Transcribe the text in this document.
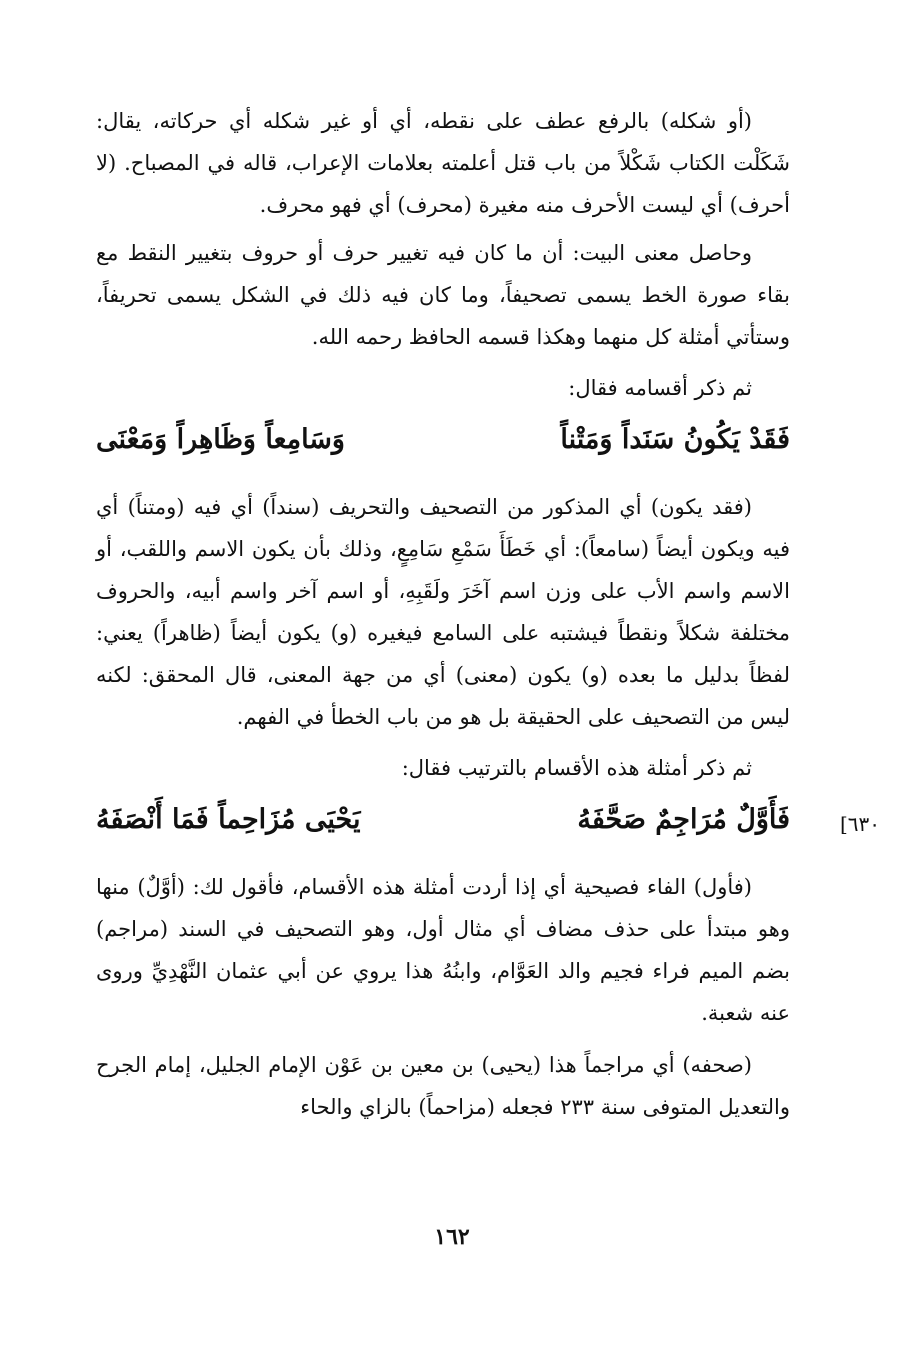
(أو شكله) بالرفع عطف على نقطه، أي أو غير شكله أي حركاته، يقال: شَكَلْت الكتاب شَكْلاً من باب قتل أعلمته بعلامات الإعراب، قاله في المصباح. (لا أحرف) أي ليست الأحرف منه مغيرة (محرف) أي فهو محرف.

وحاصل معنى البيت: أن ما كان فيه تغيير حرف أو حروف بتغيير النقط مع بقاء صورة الخط يسمى تصحيفاً، وما كان فيه ذلك في الشكل يسمى تحريفاً، وستأتي أمثلة كل منهما وهكذا قسمه الحافظ رحمه الله.

ثم ذكر أقسامه فقال:

فَقَدْ يَكُونُ سَنَداً وَمَتْناً
وَسَامِعاً وَظَاهِراً وَمَعْنَى

(فقد يكون) أي المذكور من التصحيف والتحريف (سنداً) أي فيه (ومتناً) أي فيه ويكون أيضاً (سامعاً): أي خَطَأَ سَمْعِ سَامِعٍ، وذلك بأن يكون الاسم واللقب، أو الاسم واسم الأب على وزن اسم آخَرَ ولَقَبِهِ، أو اسم آخر واسم أبيه، والحروف مختلفة شكلاً ونقطاً فيشتبه على السامع فيغيره (و) يكون أيضاً (ظاهراً) يعني: لفظاً بدليل ما بعده (و) يكون (معنى) أي من جهة المعنى، قال المحقق: لكنه ليس من التصحيف على الحقيقة بل هو من باب الخطأ في الفهم.

ثم ذكر أمثلة هذه الأقسام بالترتيب فقال:

[٦٣٠
فَأَوَّلٌ مُرَاجِمٌ صَحَّفَهُ
يَحْيَى مُزَاحِماً فَمَا أَنْصَفَهُ

(فأول) الفاء فصيحية أي إذا أردت أمثلة هذه الأقسام، فأقول لك: (أوَّلٌ) منها وهو مبتدأ على حذف مضاف أي مثال أول، وهو التصحيف في السند (مراجم) بضم الميم فراء فجيم والد العَوَّام، وابنُهُ هذا يروي عن أبي عثمان النَّهْدِيِّ وروى عنه شعبة.

(صحفه) أي مراجماً هذا (يحيى) بن معين بن عَوْن الإمام الجليل، إمام الجرح والتعديل المتوفى سنة ٢٣٣ فجعله (مزاحماً) بالزاي والحاء

١٦٢
